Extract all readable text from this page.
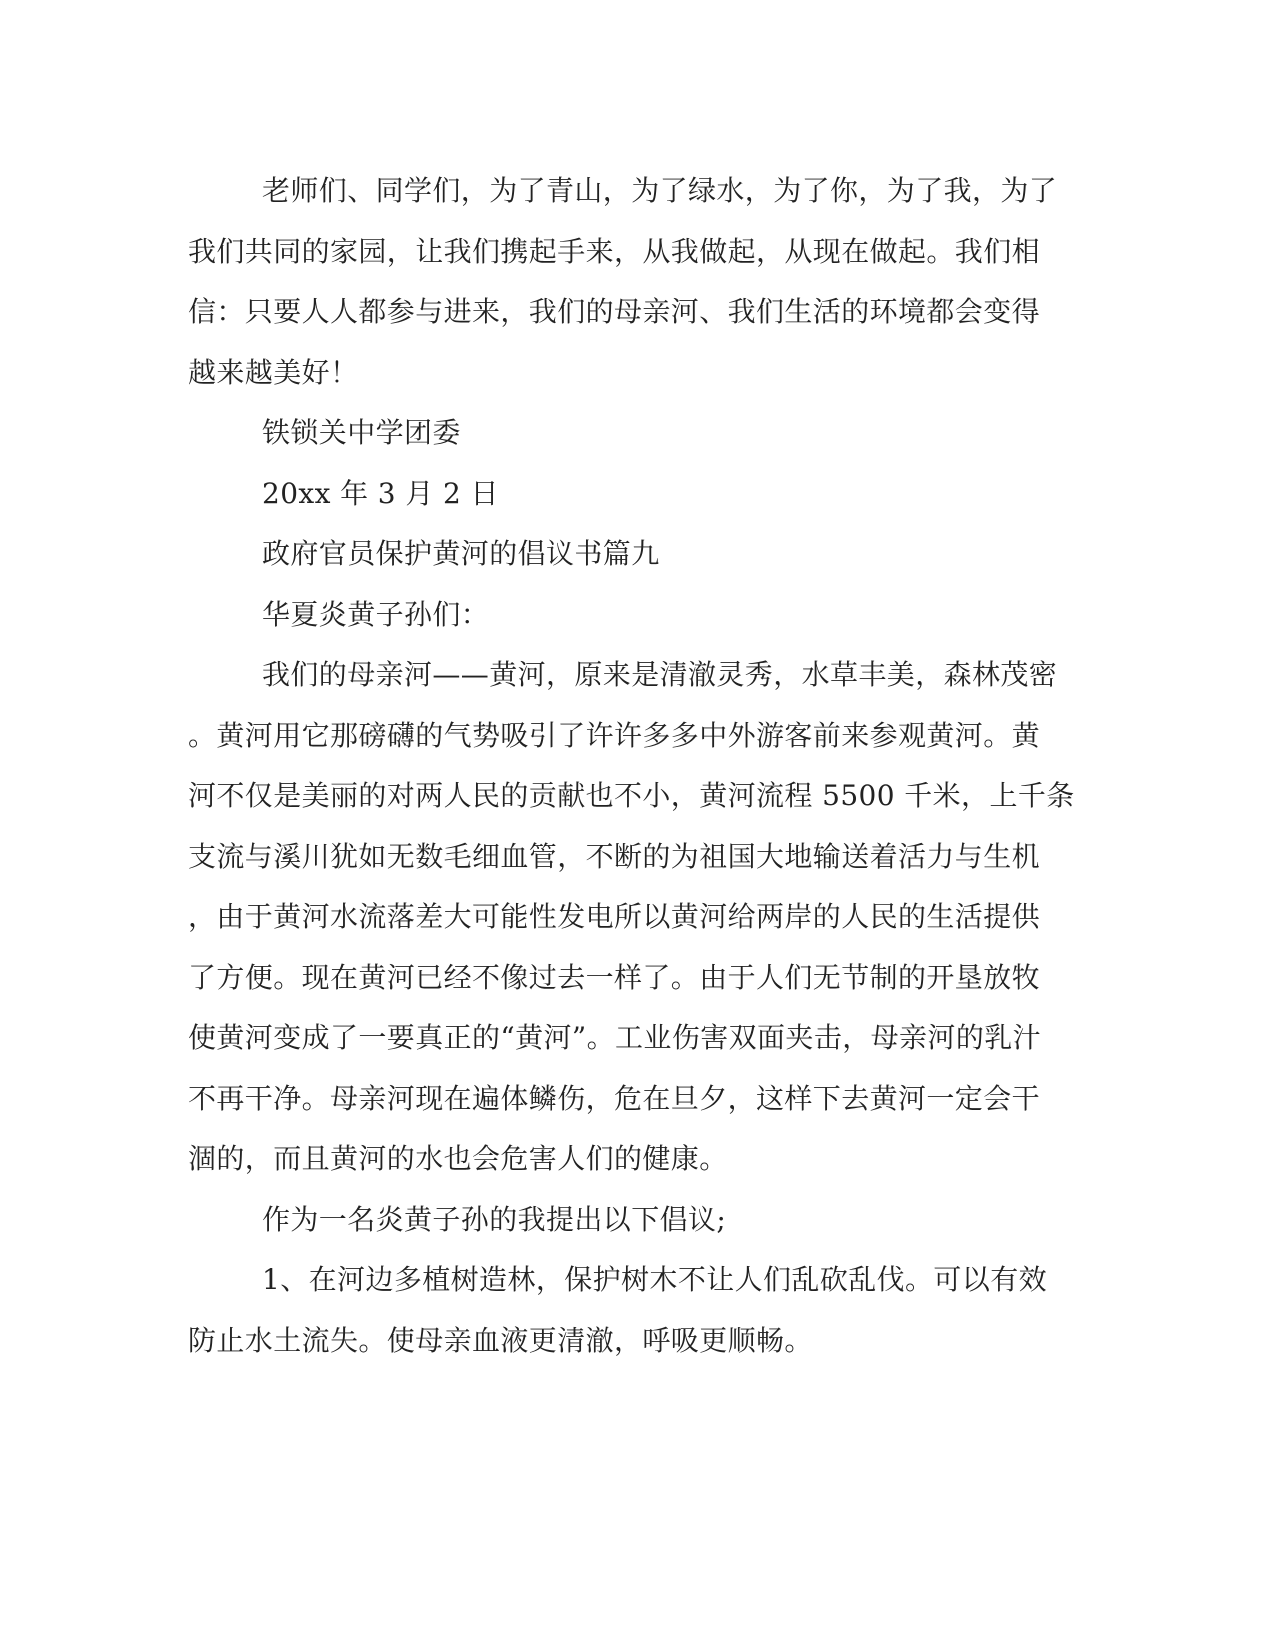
老师们、同学们，为了青山，为了绿水，为了你，为了我，为了
我们共同的家园，让我们携起手来，从我做起，从现在做起。我们相
信：只要人人都参与进来，我们的母亲河、我们生活的环境都会变得
越来越美好！
铁锁关中学团委
20xx 年 3 月 2 日
政府官员保护黄河的倡议书篇九
华夏炎黄子孙们：
我们的母亲河——黄河，原来是清澈灵秀，水草丰美，森林茂密
。黄河用它那磅礴的气势吸引了许许多多中外游客前来参观黄河。黄
河不仅是美丽的对两人民的贡献也不小，黄河流程 5500 千米，上千条
支流与溪川犹如无数毛细血管，不断的为祖国大地输送着活力与生机
，由于黄河水流落差大可能性发电所以黄河给两岸的人民的生活提供
了方便。现在黄河已经不像过去一样了。由于人们无节制的开垦放牧
使黄河变成了一要真正的“黄河”。工业伤害双面夹击，母亲河的乳汁
不再干净。母亲河现在遍体鳞伤，危在旦夕，这样下去黄河一定会干
涸的，而且黄河的水也会危害人们的健康。
作为一名炎黄子孙的我提出以下倡议;
1、在河边多植树造林，保护树木不让人们乱砍乱伐。可以有效
防止水土流失。使母亲血液更清澈，呼吸更顺畅。
